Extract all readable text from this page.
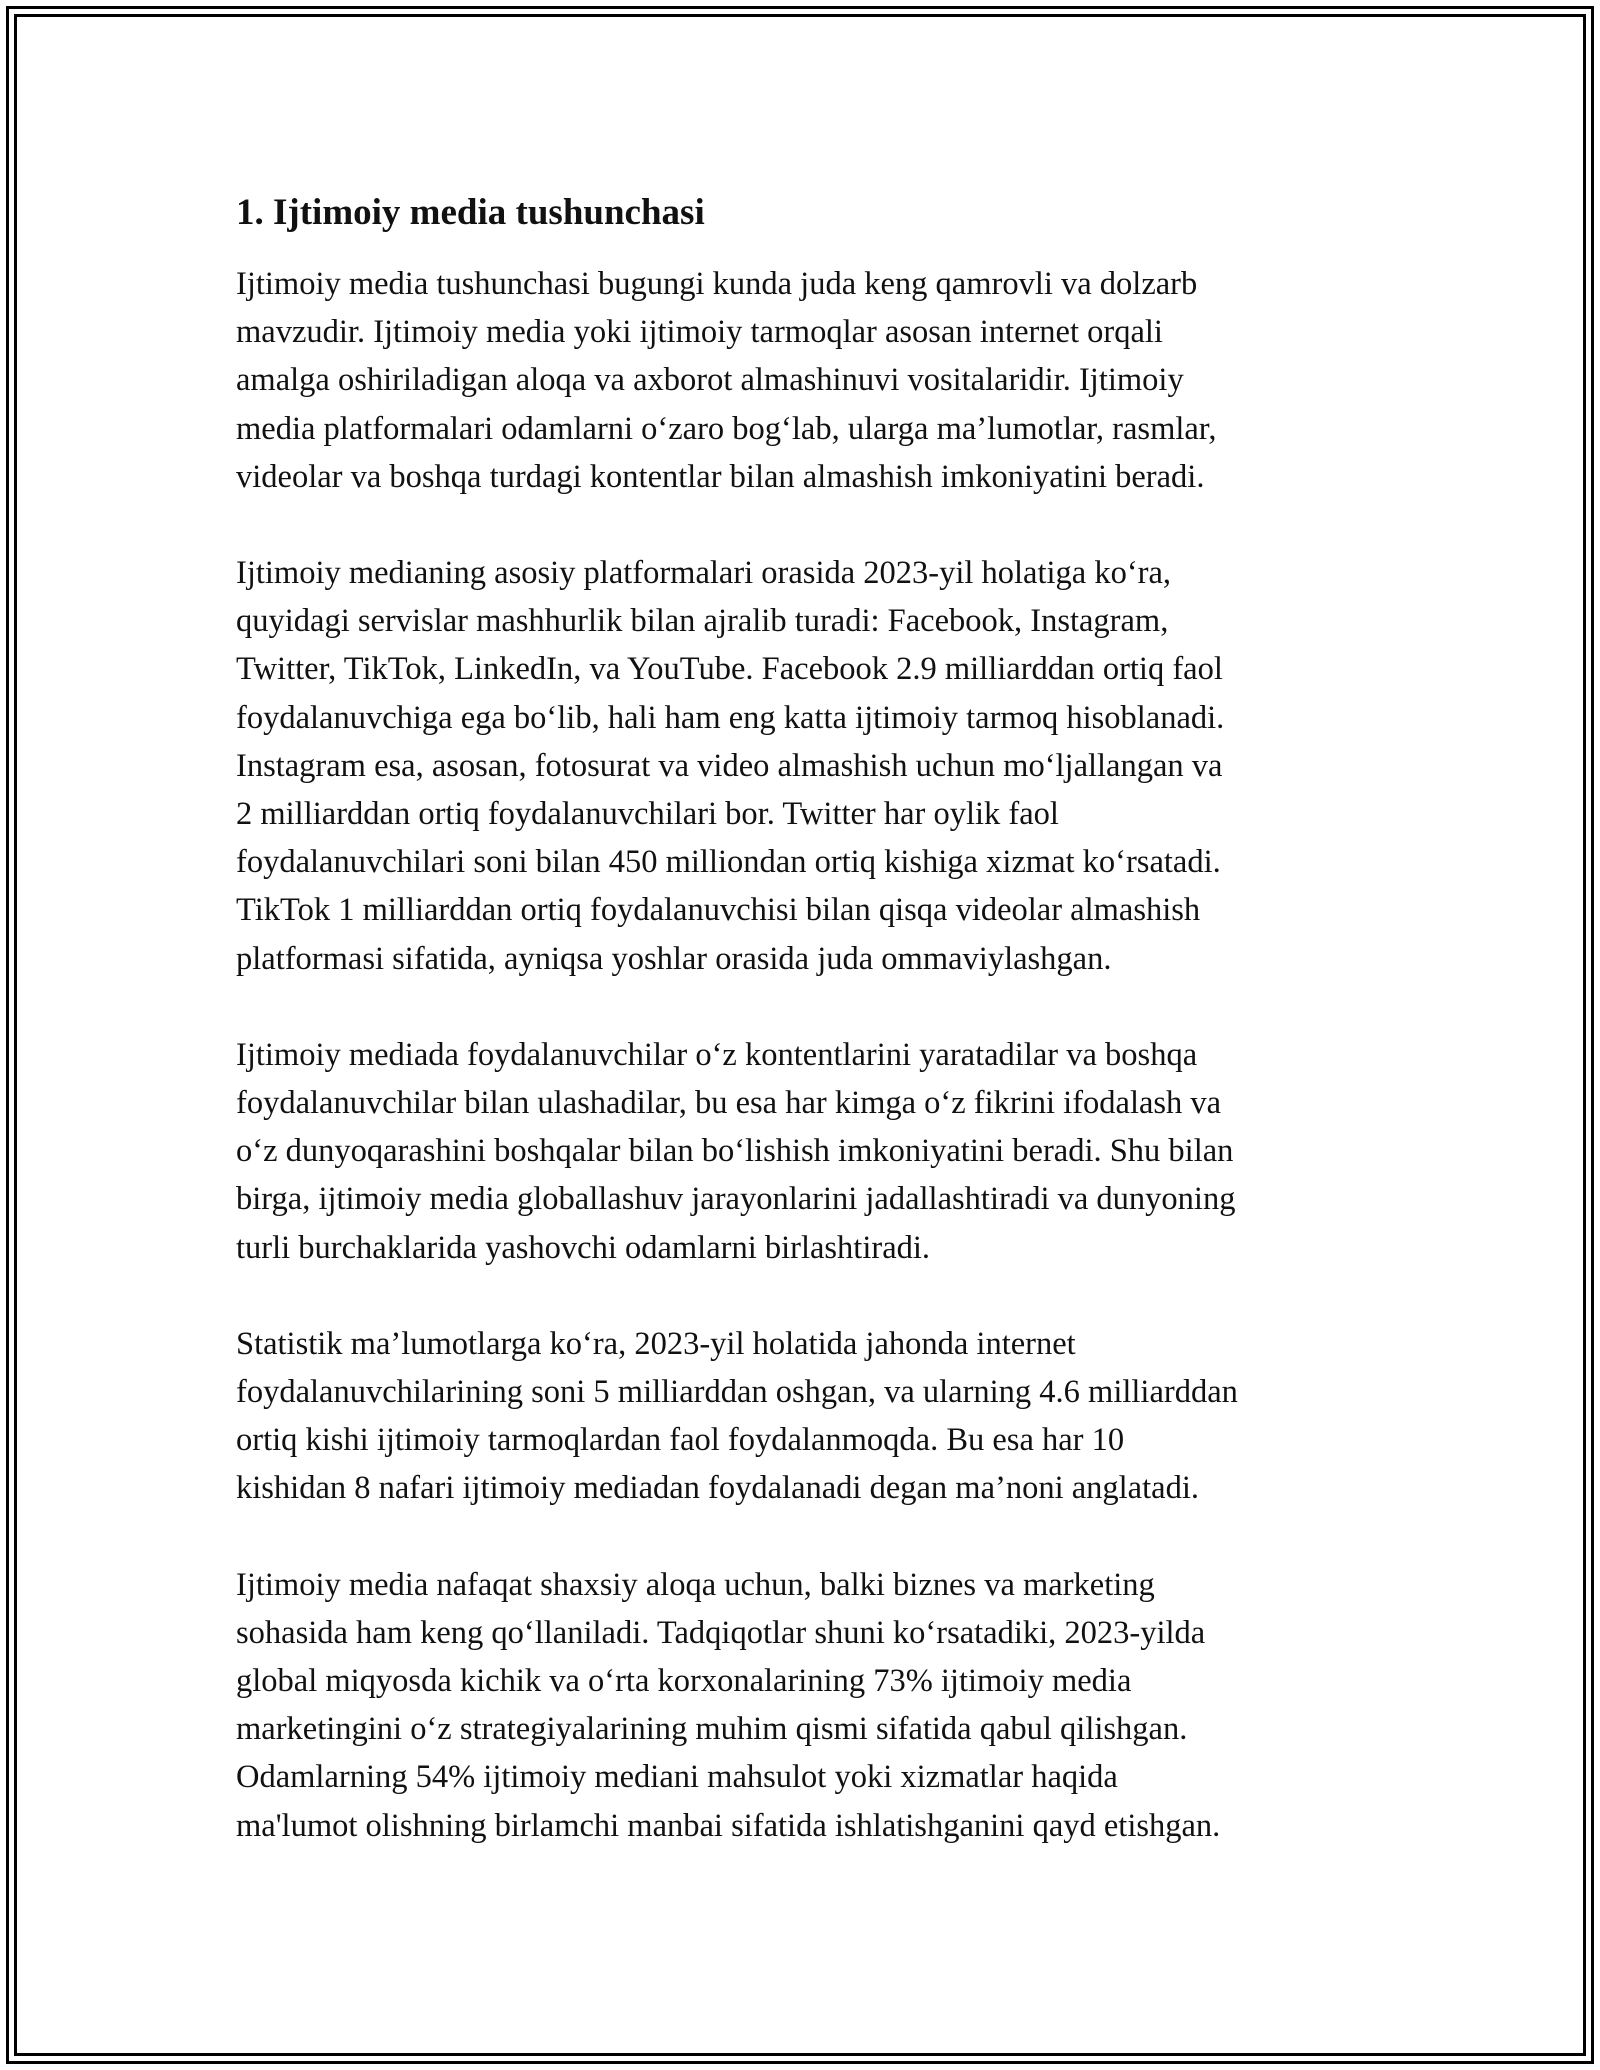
1. Ijtimoiy media tushunchasi

Ijtimoiy media tushunchasi bugungi kunda juda keng qamrovli va dolzarb
mavzudir. Ijtimoiy media yoki ijtimoiy tarmoqlar asosan internet orqali
amalga oshiriladigan aloqa va axborot almashinuvi vositalaridir. Ijtimoiy
media platformalari odamlarni o‘zaro bog‘lab, ularga ma’lumotlar, rasmlar,
videolar va boshqa turdagi kontentlar bilan almashish imkoniyatini beradi.

Ijtimoiy medianing asosiy platformalari orasida 2023-yil holatiga ko‘ra,
quyidagi servislar mashhurlik bilan ajralib turadi: Facebook, Instagram,
Twitter, TikTok, LinkedIn, va YouTube. Facebook 2.9 milliarddan ortiq faol
foydalanuvchiga ega bo‘lib, hali ham eng katta ijtimoiy tarmoq hisoblanadi.
Instagram esa, asosan, fotosurat va video almashish uchun mo‘ljallangan va
2 milliarddan ortiq foydalanuvchilari bor. Twitter har oylik faol
foydalanuvchilari soni bilan 450 milliondan ortiq kishiga xizmat ko‘rsatadi.
TikTok 1 milliarddan ortiq foydalanuvchisi bilan qisqa videolar almashish
platformasi sifatida, ayniqsa yoshlar orasida juda ommaviylashgan.

Ijtimoiy mediada foydalanuvchilar o‘z kontentlarini yaratadilar va boshqa
foydalanuvchilar bilan ulashadilar, bu esa har kimga o‘z fikrini ifodalash va
o‘z dunyoqarashini boshqalar bilan bo‘lishish imkoniyatini beradi. Shu bilan
birga, ijtimoiy media globallashuv jarayonlarini jadallashtiradi va dunyoning
turli burchaklarida yashovchi odamlarni birlashtiradi.

Statistik ma’lumotlarga ko‘ra, 2023-yil holatida jahonda internet
foydalanuvchilarining soni 5 milliarddan oshgan, va ularning 4.6 milliarddan
ortiq kishi ijtimoiy tarmoqlardan faol foydalanmoqda. Bu esa har 10
kishidan 8 nafari ijtimoiy mediadan foydalanadi degan ma’noni anglatadi.

Ijtimoiy media nafaqat shaxsiy aloqa uchun, balki biznes va marketing
sohasida ham keng qo‘llaniladi. Tadqiqotlar shuni ko‘rsatadiki, 2023-yilda
global miqyosda kichik va o‘rta korxonalarining 73% ijtimoiy media
marketingini o‘z strategiyalarining muhim qismi sifatida qabul qilishgan.
Odamlarning 54% ijtimoiy mediani mahsulot yoki xizmatlar haqida
ma'lumot olishning birlamchi manbai sifatida ishlatishganini qayd etishgan.
